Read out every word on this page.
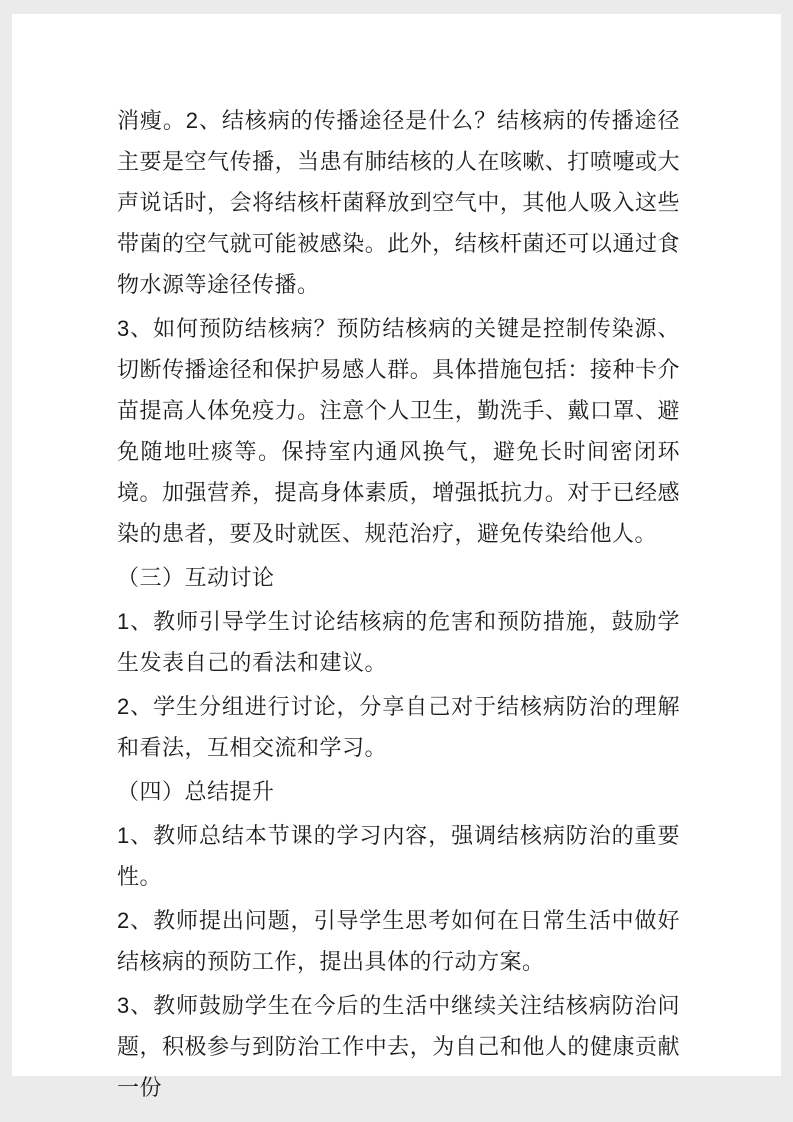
消瘦。2、结核病的传播途径是什么？结核病的传播途径主要是空气传播，当患有肺结核的人在咳嗽、打喷嚏或大声说话时，会将结核杆菌释放到空气中，其他人吸入这些带菌的空气就可能被感染。此外，结核杆菌还可以通过食物水源等途径传播。

3、如何预防结核病？预防结核病的关键是控制传染源、切断传播途径和保护易感人群。具体措施包括：接种卡介苗提高人体免疫力。注意个人卫生，勤洗手、戴口罩、避免随地吐痰等。保持室内通风换气，避免长时间密闭环境。加强营养，提高身体素质，增强抵抗力。对于已经感染的患者，要及时就医、规范治疗，避免传染给他人。

（三）互动讨论

1、教师引导学生讨论结核病的危害和预防措施，鼓励学生发表自己的看法和建议。

2、学生分组进行讨论，分享自己对于结核病防治的理解和看法，互相交流和学习。

（四）总结提升

1、教师总结本节课的学习内容，强调结核病防治的重要性。

2、教师提出问题，引导学生思考如何在日常生活中做好结核病的预防工作，提出具体的行动方案。

3、教师鼓励学生在今后的生活中继续关注结核病防治问题，积极参与到防治工作中去，为自己和他人的健康贡献一份
